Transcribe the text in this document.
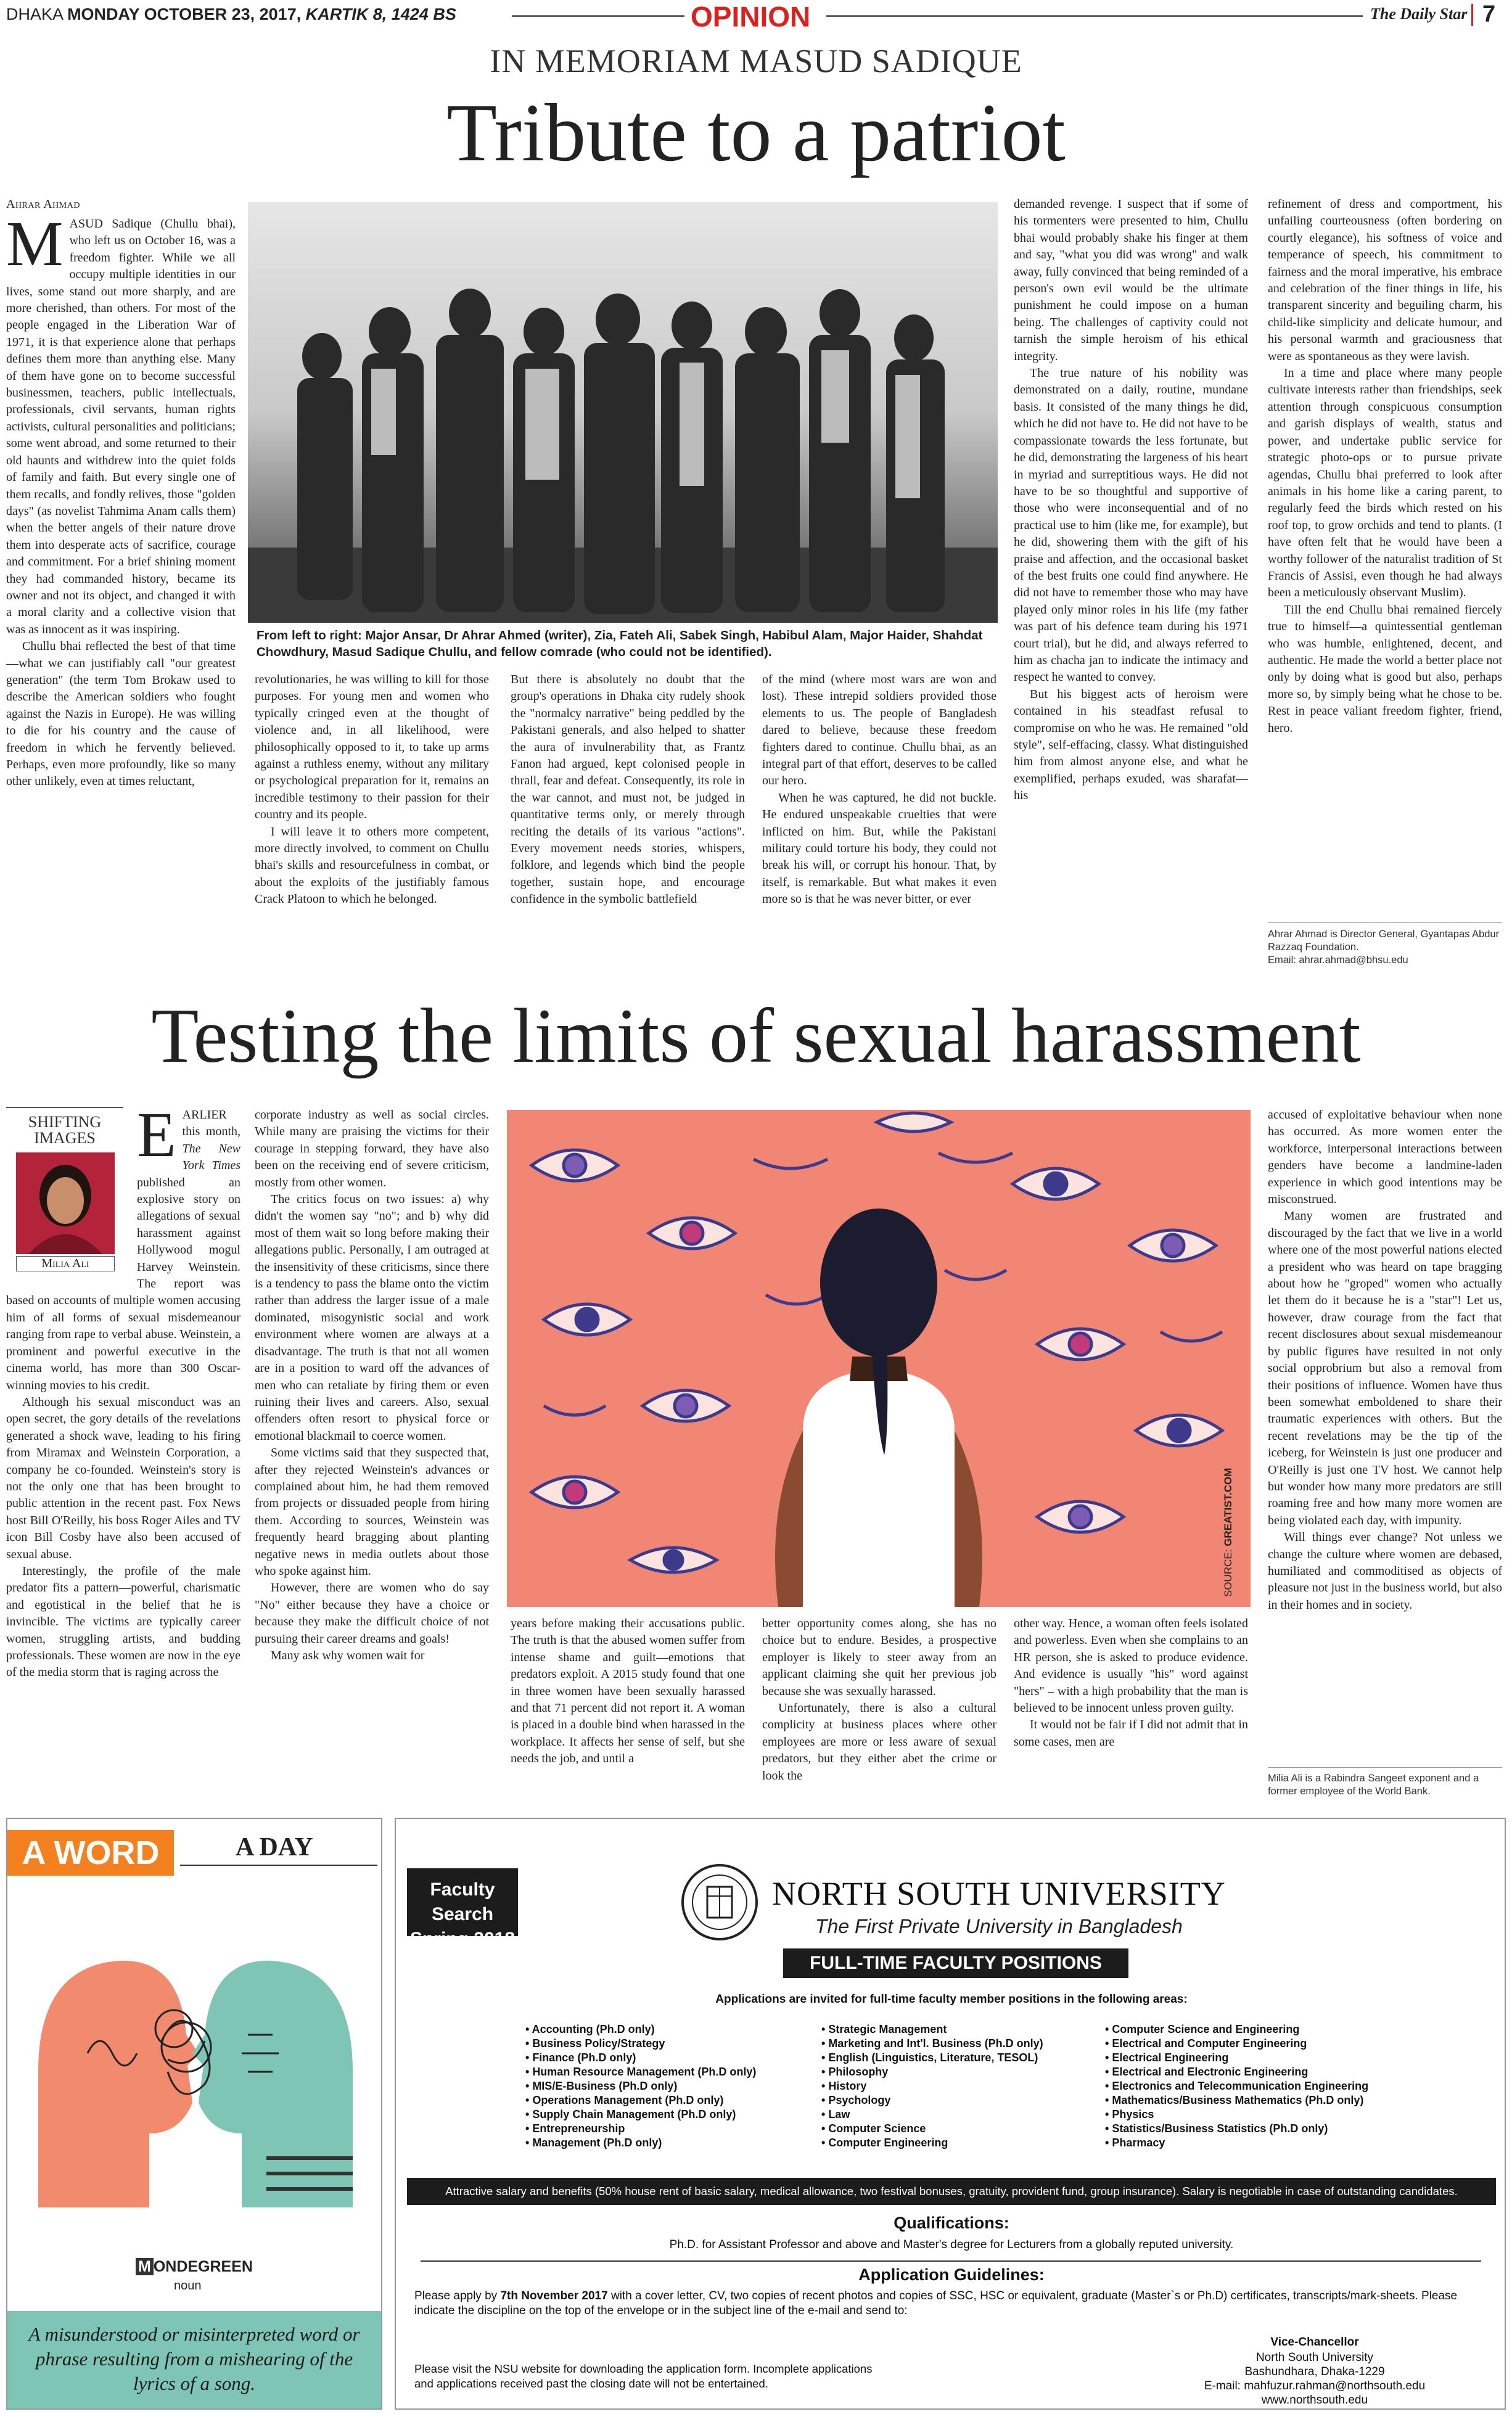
DHAKA MONDAY OCTOBER 23, 2017, KARTIK 8, 1424 BS	OPINION	The Daily Star 7
IN MEMORIAM MASUD SADIQUE
Tribute to a patriot
Ahrar Ahmad

MASUD Sadique (Chullu bhai), who left us on October 16, was a freedom fighter. While we all occupy multiple identities in our lives, some stand out more sharply, and are more cherished, than others. For most of the people engaged in the Liberation War of 1971, it is that experience alone that perhaps defines them more than anything else. Many of them have gone on to become successful businessmen, teachers, public intellectuals, professionals, civil servants, human rights activists, cultural personalities and politicians; some went abroad, and some returned to their old haunts and withdrew into the quiet folds of family and faith. But every single one of them recalls, and fondly relives, those "golden days" (as novelist Tahmima Anam calls them) when the better angels of their nature drove them into desperate acts of sacrifice, courage and commitment. For a brief shining moment they had commanded history, became its owner and not its object, and changed it with a moral clarity and a collective vision that was as innocent as it was inspiring.

Chullu bhai reflected the best of that time—what we can justifiably call "our greatest generation" (the term Tom Brokaw used to describe the American soldiers who fought against the Nazis in Europe). He was willing to die for his country and the cause of freedom in which he fervently believed. Perhaps, even more profoundly, like so many other unlikely, even at times reluctant,

From left to right: Major Ansar, Dr Ahrar Ahmed (writer), Zia, Fateh Ali, Sabek Singh, Habibul Alam, Major Haider, Shahdat Chowdhury, Masud Sadique Chullu, and fellow comrade (who could not be identified).

revolutionaries, he was willing to kill for those purposes. For young men and women who typically cringed even at the thought of violence and, in all likelihood, were philosophically opposed to it, to take up arms against a ruthless enemy, without any military or psychological preparation for it, remains an incredible testimony to their passion for their country and its people.

I will leave it to others more competent, more directly involved, to comment on Chullu bhai's skills and resourcefulness in combat, or about the exploits of the justifiably famous Crack Platoon to which he belonged.

But there is absolutely no doubt that the group's operations in Dhaka city rudely shook the "normalcy narrative" being peddled by the Pakistani generals, and also helped to shatter the aura of invulnerability that, as Frantz Fanon had argued, kept colonised people in thrall, fear and defeat. Consequently, its role in the war cannot, and must not, be judged in quantitative terms only, or merely through reciting the details of its various "actions". Every movement needs stories, whispers, folklore, and legends which bind the people together, sustain hope, and encourage confidence in the symbolic battlefield

of the mind (where most wars are won and lost). These intrepid soldiers provided those elements to us. The people of Bangladesh dared to believe, because these freedom fighters dared to continue. Chullu bhai, as an integral part of that effort, deserves to be called our hero.

When he was captured, he did not buckle. He endured unspeakable cruelties that were inflicted on him. But, while the Pakistani military could torture his body, they could not break his will, or corrupt his honour. That, by itself, is remarkable. But what makes it even more so is that he was never bitter, or ever

demanded revenge. I suspect that if some of his tormenters were presented to him, Chullu bhai would probably shake his finger at them and say, "what you did was wrong" and walk away, fully convinced that being reminded of a person's own evil would be the ultimate punishment he could impose on a human being. The challenges of captivity could not tarnish the simple heroism of his ethical integrity.

The true nature of his nobility was demonstrated on a daily, routine, mundane basis. It consisted of the many things he did, which he did not have to. He did not have to be compassionate towards the less fortunate, but he did, demonstrating the largeness of his heart in myriad and surreptitious ways. He did not have to be so thoughtful and supportive of those who were inconsequential and of no practical use to him (like me, for example), but he did, showering them with the gift of his praise and affection, and the occasional basket of the best fruits one could find anywhere. He did not have to remember those who may have played only minor roles in his life (my father was part of his defence team during his 1971 court trial), but he did, and always referred to him as chacha jan to indicate the intimacy and respect he wanted to convey.

But his biggest acts of heroism were contained in his steadfast refusal to compromise on who he was. He remained "old style", self-effacing, classy. What distinguished him from almost anyone else, and what he exemplified, perhaps exuded, was sharafat—his

refinement of dress and comportment, his unfailing courteousness (often bordering on courtly elegance), his softness of voice and temperance of speech, his commitment to fairness and the moral imperative, his embrace and celebration of the finer things in life, his transparent sincerity and beguiling charm, his child-like simplicity and delicate humour, and his personal warmth and graciousness that were as spontaneous as they were lavish.

In a time and place where many people cultivate interests rather than friendships, seek attention through conspicuous consumption and garish displays of wealth, status and power, and undertake public service for strategic photo-ops or to pursue private agendas, Chullu bhai preferred to look after animals in his home like a caring parent, to regularly feed the birds which rested on his roof top, to grow orchids and tend to plants. (I have often felt that he would have been a worthy follower of the naturalist tradition of St Francis of Assisi, even though he had always been a meticulously observant Muslim).

Till the end Chullu bhai remained fiercely true to himself—a quintessential gentleman who was humble, enlightened, decent, and authentic. He made the world a better place not only by doing what is good but also, perhaps more so, by simply being what he chose to be. Rest in peace valiant freedom fighter, friend, hero.

Ahrar Ahmad is Director General, Gyantapas Abdur Razzaq Foundation.
Email: ahrar.ahmad@bhsu.edu
Testing the limits of sexual harassment
SHIFTING
IMAGES
Milia Ali

EARLIER this month, The New York Times published an explosive story on allegations of sexual harassment against Hollywood mogul Harvey Weinstein. The report was based on accounts of multiple women accusing him of all forms of sexual misdemeanour ranging from rape to verbal abuse. Weinstein, a prominent and powerful executive in the cinema world, has more than 300 Oscar-winning movies to his credit.

Although his sexual misconduct was an open secret, the gory details of the revelations generated a shock wave, leading to his firing from Miramax and Weinstein Corporation, a company he co-founded. Weinstein's story is not the only one that has been brought to public attention in the recent past. Fox News host Bill O'Reilly, his boss Roger Ailes and TV icon Bill Cosby have also been accused of sexual abuse.

Interestingly, the profile of the male predator fits a pattern—powerful, charismatic and egotistical in the belief that he is invincible. The victims are typically career women, struggling artists, and budding professionals. These women are now in the eye of the media storm that is raging across the

corporate industry as well as social circles. While many are praising the victims for their courage in stepping forward, they have also been on the receiving end of severe criticism, mostly from other women.

The critics focus on two issues: a) why didn't the women say "no"; and b) why did most of them wait so long before making their allegations public. Personally, I am outraged at the insensitivity of these criticisms, since there is a tendency to pass the blame onto the victim rather than address the larger issue of a male dominated, misogynistic social and work environment where women are always at a disadvantage. The truth is that not all women are in a position to ward off the advances of men who can retaliate by firing them or even ruining their lives and careers. Also, sexual offenders often resort to physical force or emotional blackmail to coerce women.

Some victims said that they suspected that, after they rejected Weinstein's advances or complained about him, he had them removed from projects or dissuaded people from hiring them. According to sources, Weinstein was frequently heard bragging about planting negative news in media outlets about those who spoke against him.

However, there are women who do say "No" either because they have a choice or because they make the difficult choice of not pursuing their career dreams and goals!

Many ask why women wait for

SOURCE: GREATIST.COM

years before making their accusations public. The truth is that the abused women suffer from intense shame and guilt—emotions that predators exploit. A 2015 study found that one in three women have been sexually harassed and that 71 percent did not report it. A woman is placed in a double bind when harassed in the workplace. It affects her sense of self, but she needs the job, and until a

better opportunity comes along, she has no choice but to endure. Besides, a prospective employer is likely to steer away from an applicant claiming she quit her previous job because she was sexually harassed.

Unfortunately, there is also a cultural complicity at business places where other employees are more or less aware of sexual predators, but they either abet the crime or look the

other way. Hence, a woman often feels isolated and powerless. Even when she complains to an HR person, she is asked to produce evidence. And evidence is usually "his" word against "hers" – with a high probability that the man is believed to be innocent unless proven guilty.

It would not be fair if I did not admit that in some cases, men are

accused of exploitative behaviour when none has occurred. As more women enter the workforce, interpersonal interactions between genders have become a landmine-laden experience in which good intentions may be misconstrued.

Many women are frustrated and discouraged by the fact that we live in a world where one of the most powerful nations elected a president who was heard on tape bragging about how he "groped" women who actually let them do it because he is a "star"! Let us, however, draw courage from the fact that recent disclosures about sexual misdemeanour by public figures have resulted in not only social opprobrium but also a removal from their positions of influence. Women have thus been somewhat emboldened to share their traumatic experiences with others. But the recent revelations may be the tip of the iceberg, for Weinstein is just one producer and O'Reilly is just one TV host. We cannot help but wonder how many more predators are still roaming free and how many more women are being violated each day, with impunity.

Will things ever change? Not unless we change the culture where women are debased, humiliated and commoditised as objects of pleasure not just in the business world, but also in their homes and in society.

Milia Ali is a Rabindra Sangeet exponent and a former employee of the World Bank.
A WORD	A DAY
M ONDEGREEN
noun
A misunderstood or misinterpreted word or phrase resulting from a mishearing of the lyrics of a song.
Faculty Search
Spring 2018
NORTH SOUTH UNIVERSITY
The First Private University in Bangladesh
FULL-TIME FACULTY POSITIONS
Applications are invited for full-time faculty member positions in the following areas:
• Accounting (Ph.D only)
• Business Policy/Strategy
• Finance (Ph.D only)
• Human Resource Management (Ph.D only)
• MIS/E-Business (Ph.D only)
• Operations Management (Ph.D only)
• Supply Chain Management (Ph.D only)
• Entrepreneurship
• Management (Ph.D only)
• Strategic Management
• Marketing and Int'l. Business (Ph.D only)
• English (Linguistics, Literature, TESOL)
• Philosophy
• History
• Psychology
• Law
• Computer Science
• Computer Engineering
• Computer Science and Engineering
• Electrical and Computer Engineering
• Electrical Engineering
• Electrical and Electronic Engineering
• Electronics and Telecommunication Engineering
• Mathematics/Business Mathematics (Ph.D only)
• Physics
• Statistics/Business Statistics (Ph.D only)
• Pharmacy
Attractive salary and benefits (50% house rent of basic salary, medical allowance, two festival bonuses, gratuity, provident fund, group insurance). Salary is negotiable in case of outstanding candidates.
Qualifications:
Ph.D. for Assistant Professor and above and Master's degree for Lecturers from a globally reputed university.
Application Guidelines:
Please apply by 7th November 2017 with a cover letter, CV, two copies of recent photos and copies of SSC, HSC or equivalent, graduate (Master`s or Ph.D) certificates, transcripts/mark-sheets. Please indicate the discipline on the top of the envelope or in the subject line of the e-mail and send to:
Vice-Chancellor
North South University
Bashundhara, Dhaka-1229
E-mail: mahfuzur.rahman@northsouth.edu
www.northsouth.edu
Please visit the NSU website for downloading the application form. Incomplete applications and applications received past the closing date will not be entertained.
